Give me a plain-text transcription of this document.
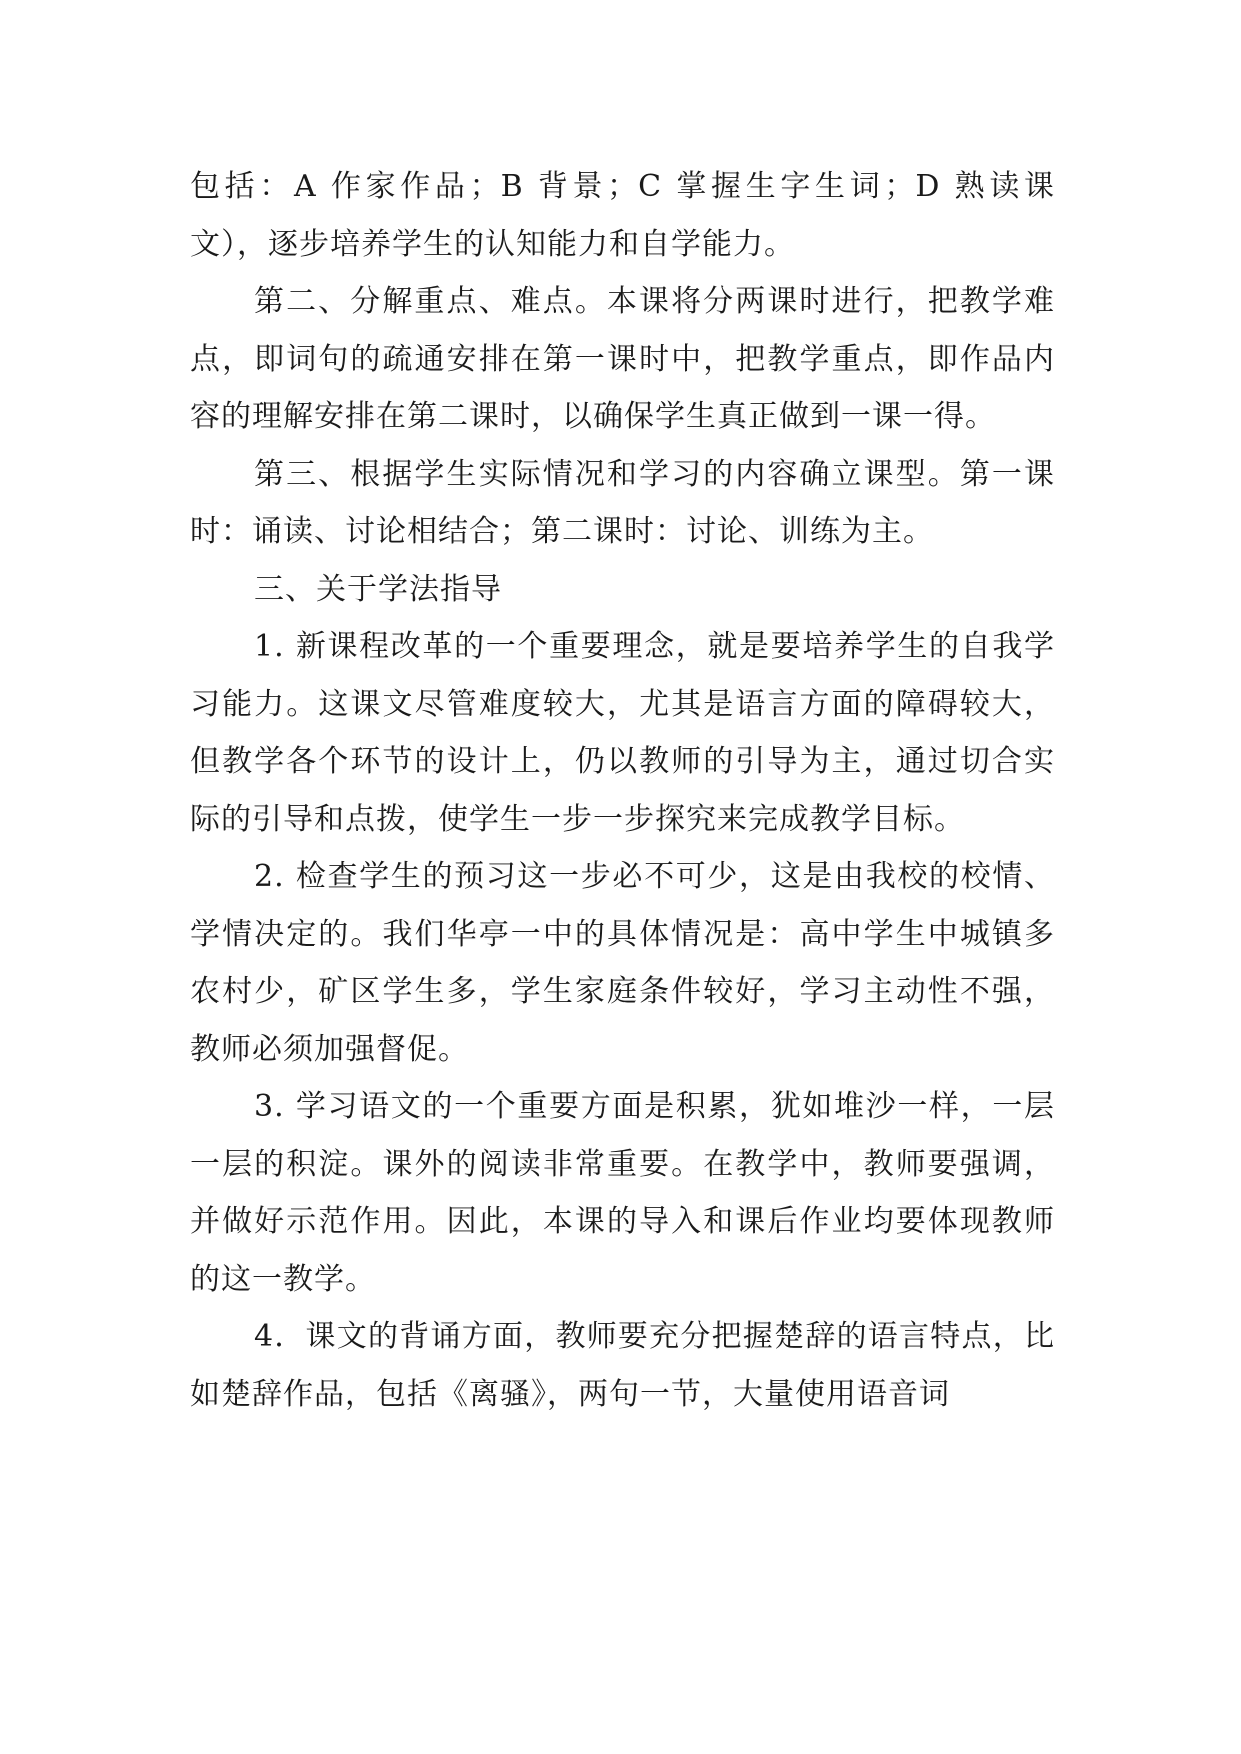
包括：A 作家作品；B 背景；C 掌握生字生词；D 熟读课文），逐步培养学生的认知能力和自学能力。

第二、分解重点、难点。本课将分两课时进行，把教学难点，即词句的疏通安排在第一课时中，把教学重点，即作品内容的理解安排在第二课时，以确保学生真正做到一课一得。

第三、根据学生实际情况和学习的内容确立课型。第一课时：诵读、讨论相结合；第二课时：讨论、训练为主。

三、关于学法指导

1. 新课程改革的一个重要理念，就是要培养学生的自我学习能力。这课文尽管难度较大，尤其是语言方面的障碍较大，但教学各个环节的设计上，仍以教师的引导为主，通过切合实际的引导和点拨，使学生一步一步探究来完成教学目标。

2. 检查学生的预习这一步必不可少，这是由我校的校情、学情决定的。我们华亭一中的具体情况是：高中学生中城镇多农村少，矿区学生多，学生家庭条件较好，学习主动性不强，教师必须加强督促。

3. 学习语文的一个重要方面是积累，犹如堆沙一样，一层一层的积淀。课外的阅读非常重要。在教学中，教师要强调，并做好示范作用。因此，本课的导入和课后作业均要体现教师的这一教学。

4．课文的背诵方面，教师要充分把握楚辞的语言特点，比如楚辞作品，包括《离骚》，两句一节，大量使用语音词
